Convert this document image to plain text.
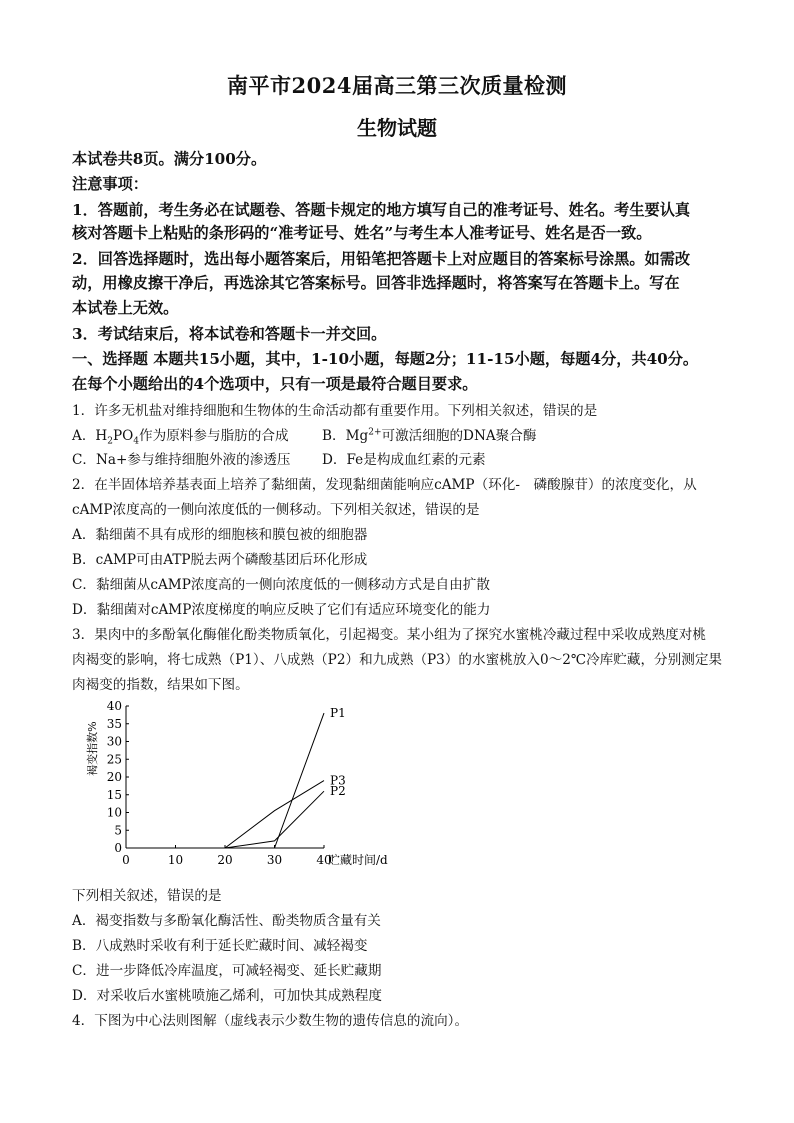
南平市2024届高三第三次质量检测
生物试题
本试卷共8页。满分100分。
注意事项：
1．答题前，考生务必在试题卷、答题卡规定的地方填写自己的准考证号、姓名。考生要认真
核对答题卡上粘贴的条形码的“准考证号、姓名”与考生本人准考证号、姓名是否一致。
2．回答选择题时，选出每小题答案后，用铅笔把答题卡上对应题目的答案标号涂黑。如需改
动，用橡皮擦干净后，再选涂其它答案标号。回答非选择题时，将答案写在答题卡上。写在
本试卷上无效。
3．考试结束后，将本试卷和答题卡一并交回。
一、选择题 本题共15小题，其中，1-10小题，每题2分；11-15小题，每题4分，共40分。
在每个小题给出的4个选项中，只有一项是最符合题目要求。
1．许多无机盐对维持细胞和生物体的生命活动都有重要作用。下列相关叙述，错误的是
A．$H_2PO_4$作为原料参与脂肪的合成 B．$Mg^{2+}$可激活细胞的DNA聚合酶
C．Na+参与维持细胞外液的渗透压 D．Fe是构成血红素的元素
2．在半固体培养基表面上培养了黏细菌，发现黏细菌能响应cAMP（环化-　磷酸腺苷）的浓度变化，从
cAMP浓度高的一侧向浓度低的一侧移动。下列相关叙述，错误的是
A．黏细菌不具有成形的细胞核和膜包被的细胞器
B．cAMP可由ATP脱去两个磷酸基团后环化形成
C．黏细菌从cAMP浓度高的一侧向浓度低的一侧移动方式是自由扩散
D．黏细菌对cAMP浓度梯度的响应反映了它们有适应环境变化的能力
3．果肉中的多酚氧化酶催化酚类物质氧化，引起褐变。某小组为了探究水蜜桃冷藏过程中采收成熟度对桃
肉褐变的影响，将七成熟（P1）、八成熟（P2）和九成熟（P3）的水蜜桃放入0～2℃冷库贮藏，分别测定果
肉褐变的指数，结果如下图。
0
5
10
15
20
25
30
35
40
0	10	20	30	40
贮藏时间/d
褐变指数%
P1
P2
P3
下列相关叙述，错误的是
A．褐变指数与多酚氧化酶活性、酚类物质含量有关
B．八成熟时采收有利于延长贮藏时间、减轻褐变
C．进一步降低冷库温度，可减轻褐变、延长贮藏期
D．对采收后水蜜桃喷施乙烯利，可加快其成熟程度
4．下图为中心法则图解（虚线表示少数生物的遗传信息的流向）。
